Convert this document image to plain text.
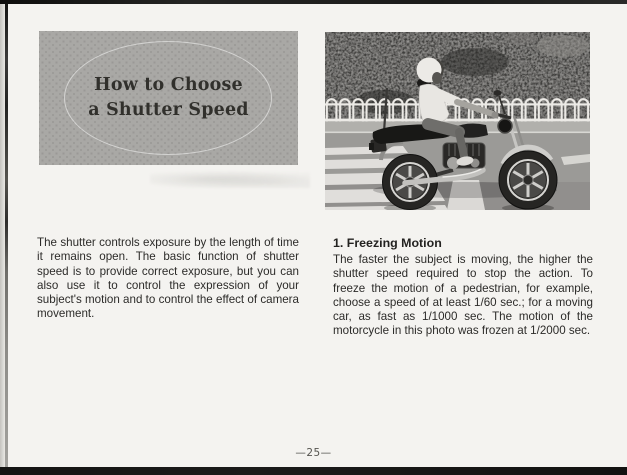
How to Choose
a Shutter Speed

The shutter controls exposure by the length of time it remains open. The basic function of shutter speed is to provide correct exposure, but you can also use it to control the expression of your subject's motion and to control the effect of camera movement.

1. Freezing Motion

The faster the subject is moving, the higher the shutter speed required to stop the action. To freeze the motion of a pedestrian, for example, choose a speed of at least 1/60 sec.; for a moving car, as fast as 1/1000 sec. The motion of the motorcycle in this photo was frozen at 1/2000 sec.

—25—
